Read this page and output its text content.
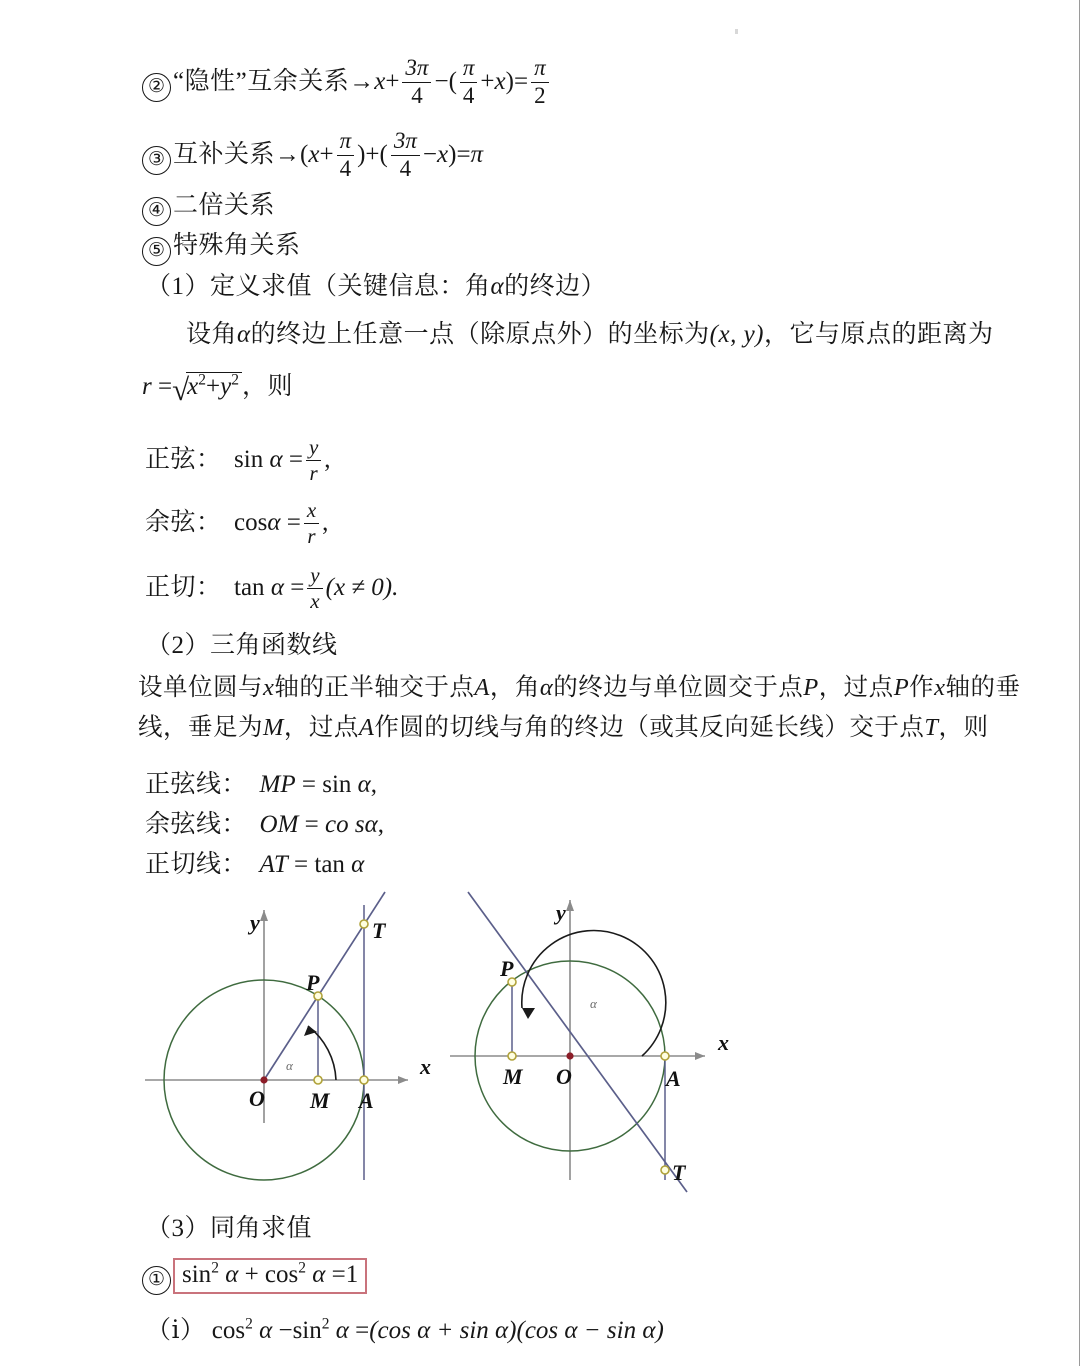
② “隐性”互余关系$\to x+ \frac{3\pi}{4}$ −( $\frac{\pi}{4} +x)= \frac{\pi}{2}$
③ 互补关系$\to(x+ \frac{\pi}{4}$ )+( $\frac{3\pi}{4} -x)=\pi$
④ 二倍关系
⑤ 特殊角关系
（1）定义求值（关键信息：角α的终边）
设角α的终边上任意一点（除原点外）的坐标为(x, y)，它与原点的距离为
$r =√x^2+y^2$ ，则
正弦： $\sin \alpha = \frac{y}{r}$ ,
余弦： $\cos\alpha = \frac{x}{r}$ ,
正切： $\tan \alpha = \frac{y}{x} (x \ne 0)$.
（2）三角函数线
设单位圆与x轴的正半轴交于点A，角α的终边与单位圆交于点P，过点P作x轴的垂
线，垂足为M，过点A作圆的切线与角的终边（或其反向延长线）交于点T，则
正弦线： MP = sin α,
余弦线： OM = co sα,
正切线： AT = tan α
O M A
P
T
x
y
α	M O	A
P
T
x
y
α
（3）同角求值
① $\sin^2 \alpha + \cos^2 \alpha =1$
（ⅰ） $\cos^2 \alpha -\sin^2$ α =(cos α + sin α)(cos α − sin α)
